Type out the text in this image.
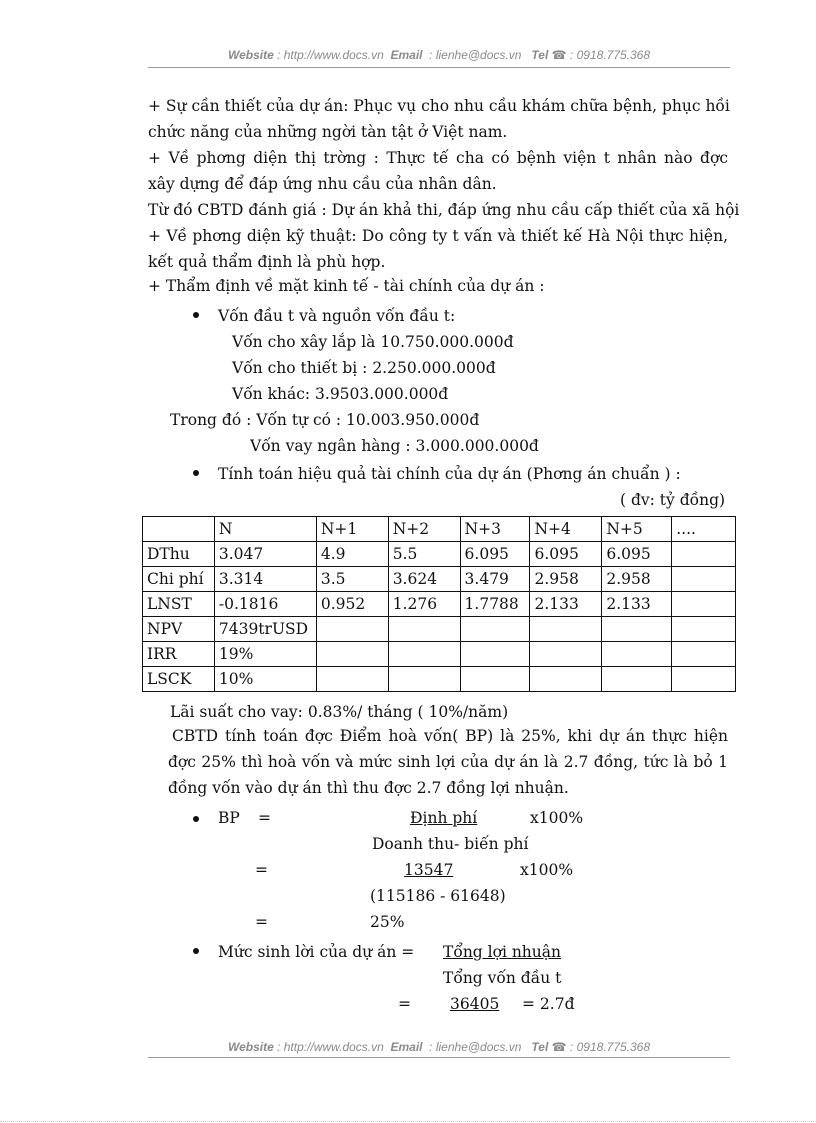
Website : http://www.docs.vn Email : lienhe@docs.vn Tel ☎ : 0918.775.368
+ Sự cần thiết của dự án: Phục vụ cho nhu cầu khám chữa bệnh, phục hồi
chức năng của những ngời tàn tật ở Việt nam.
+ Về phơng diện thị trờng : Thực tế cha có bệnh viện t nhân nào đợc
xây dựng để đáp ứng nhu cầu của nhân dân.
Từ đó CBTD đánh giá : Dự án khả thi, đáp ứng nhu cầu cấp thiết của xã hội
+ Về phơng diện kỹ thuật: Do công ty t vấn và thiết kế Hà Nội thực hiện,
kết quả thẩm định là phù hợp.
+ Thẩm định về mặt kinh tế - tài chính của dự án :
Vốn đầu t và nguồn vốn đầu t:
Vốn cho xây lắp là 10.750.000.000đ
Vốn cho thiết bị : 2.250.000.000đ
Vốn khác: 3.9503.000.000đ
Trong đó : Vốn tự có : 10.003.950.000đ
Vốn vay ngân hàng : 3.000.000.000đ
Tính toán hiệu quả tài chính của dự án (Phơng án chuẩn ) :
( đv: tỷ đồng)
	N	N+1	N+2	N+3	N+4	N+5	....
DThu	3.047	4.9	5.5	6.095	6.095	6.095	
Chi phí	3.314	3.5	3.624	3.479	2.958	2.958	
LNST	-0.1816	0.952	1.276	1.7788	2.133	2.133	
NPV	7439trUSD						
IRR	19%						
LSCK	10%						
Lãi suất cho vay: 0.83%/ tháng ( 10%/năm)
CBTD tính toán đợc Điểm hoà vốn( BP) là 25%, khi dự án thực hiện
đợc 25% thì hoà vốn và mức sinh lợi của dự án là 2.7 đồng, tức là bỏ 1
đồng vốn vào dự án thì thu đợc 2.7 đồng lợi nhuận.
BP =	Định phí	x100%
Doanh thu- biến phí
=	13547	x100%
(115186 - 61648)
=	25%
Mức sinh lời của dự án = Tổng lợi nhuận
Tổng vốn đầu t
=	36405 = 2.7đ
Website : http://www.docs.vn Email : lienhe@docs.vn Tel ☎ : 0918.775.368
